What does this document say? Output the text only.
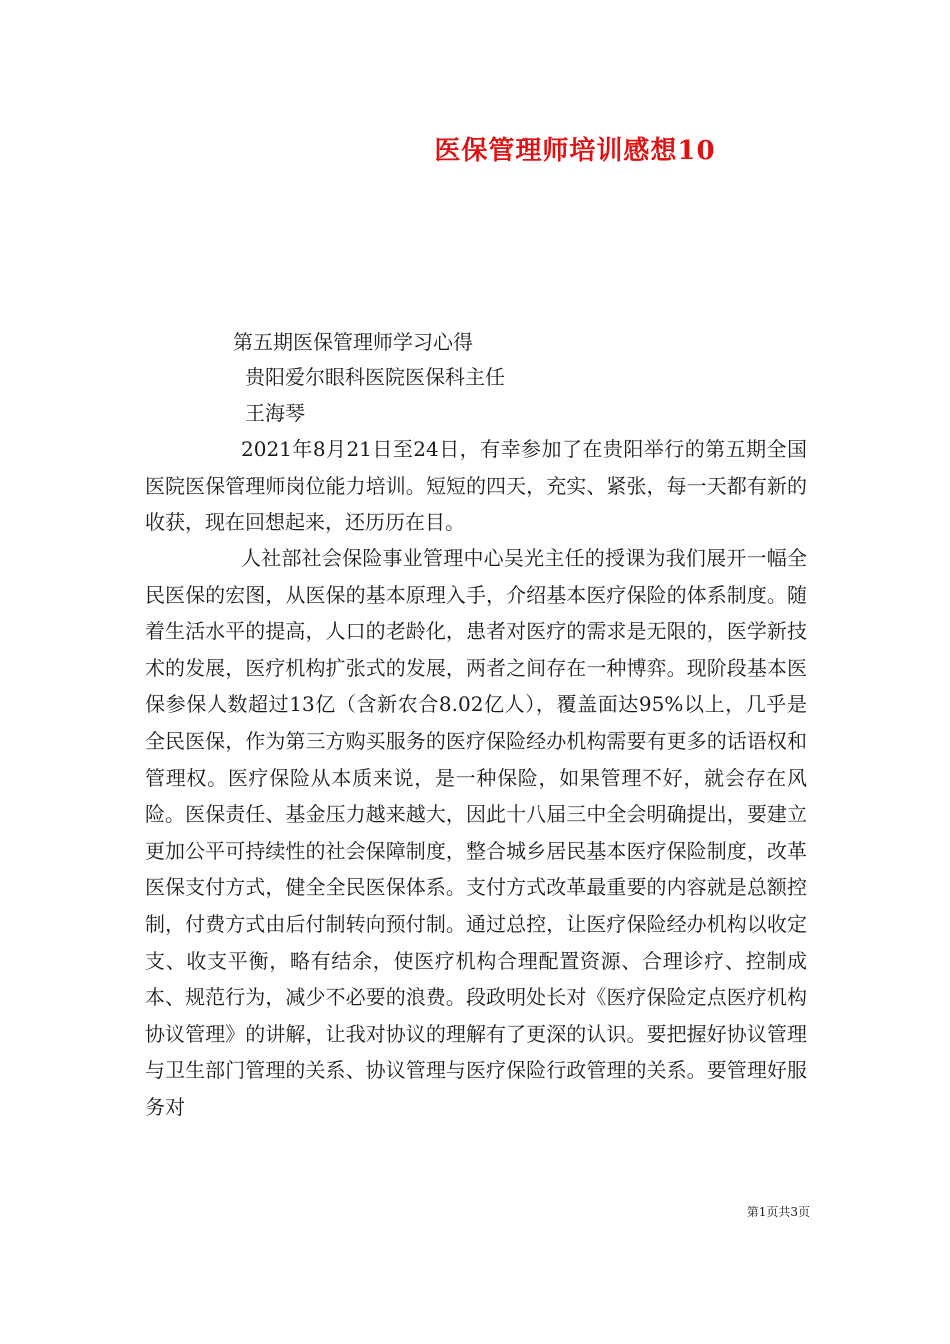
医保管理师培训感想10

第五期医保管理师学习心得

贵阳爱尔眼科医院医保科主任

王海琴

2021年8月21日至24日，有幸参加了在贵阳举行的第五期全国医院医保管理师岗位能力培训。短短的四天，充实、紧张，每一天都有新的收获，现在回想起来，还历历在目。

人社部社会保险事业管理中心吴光主任的授课为我们展开一幅全民医保的宏图，从医保的基本原理入手，介绍基本医疗保险的体系制度。随着生活水平的提高，人口的老龄化，患者对医疗的需求是无限的，医学新技术的发展，医疗机构扩张式的发展，两者之间存在一种博弈。现阶段基本医保参保人数超过13亿（含新农合8.02亿人），覆盖面达95%以上，几乎是全民医保，作为第三方购买服务的医疗保险经办机构需要有更多的话语权和管理权。医疗保险从本质来说，是一种保险，如果管理不好，就会存在风险。医保责任、基金压力越来越大，因此十八届三中全会明确提出，要建立更加公平可持续性的社会保障制度，整合城乡居民基本医疗保险制度，改革医保支付方式，健全全民医保体系。支付方式改革最重要的内容就是总额控制，付费方式由后付制转向预付制。通过总控，让医疗保险经办机构以收定支、收支平衡，略有结余，使医疗机构合理配置资源、合理诊疗、控制成本、规范行为，减少不必要的浪费。段政明处长对《医疗保险定点医疗机构协议管理》的讲解，让我对协议的理解有了更深的认识。要把握好协议管理与卫生部门管理的关系、协议管理与医疗保险行政管理的关系。要管理好服务对

第1页共3页
